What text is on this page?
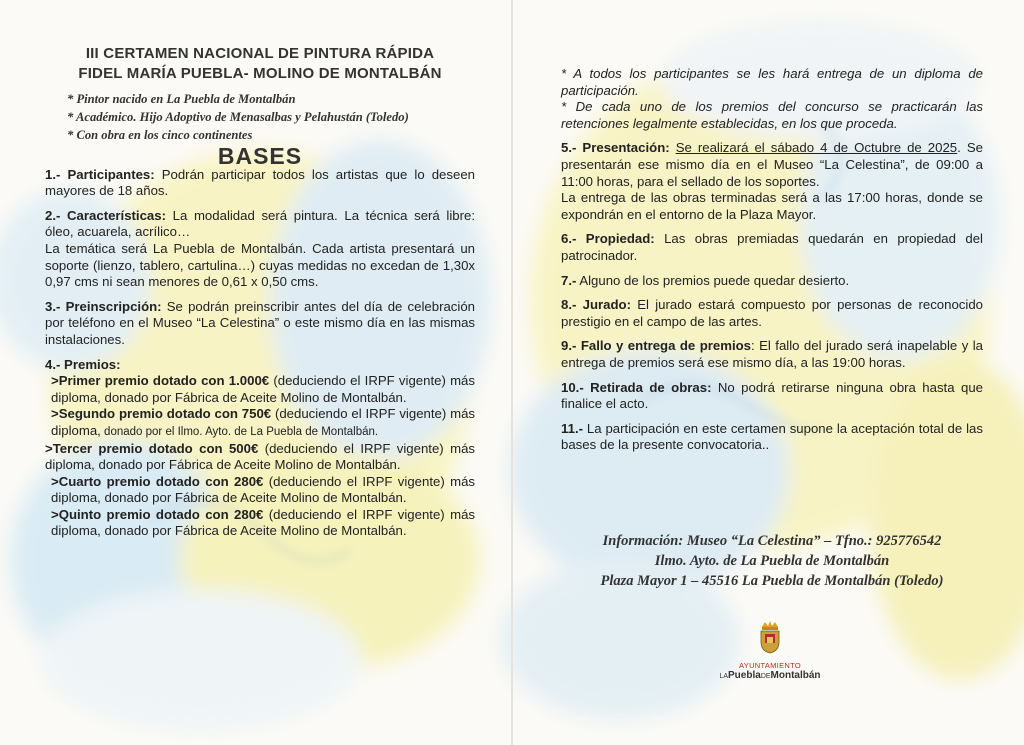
III CERTAMEN NACIONAL DE PINTURA RÁPIDA
FIDEL MARÍA PUEBLA- MOLINO DE MONTALBÁN
* Pintor nacido en La Puebla de Montalbán
* Académico. Hijo Adoptivo de Menasalbas y Pelahustán (Toledo)
* Con obra en los cinco continentes
BASES

1.- Participantes: Podrán participar todos los artistas que lo deseen mayores de 18 años.

2.- Características: La modalidad será pintura. La técnica será libre: óleo, acuarela, acrílico…

La temática será La Puebla de Montalbán. Cada artista presentará un soporte (lienzo, tablero, cartulina…) cuyas medidas no excedan de 1,30x 0,97 cms ni sean menores de 0,61 x 0,50 cms.

3.- Preinscripción: Se podrán preinscribir antes del día de celebración por teléfono en el Museo “La Celestina” o este mismo día en las mismas instalaciones.

4.- Premios:

>Primer premio dotado con 1.000€ (deduciendo el IRPF vigente) más diploma, donado por Fábrica de Aceite Molino de Montalbán.

>Segundo premio dotado con 750€ (deduciendo el IRPF vigente) más diploma, donado por el Ilmo. Ayto. de La Puebla de Montalbán.

>Tercer premio dotado con 500€ (deduciendo el IRPF vigente) más diploma, donado por Fábrica de Aceite Molino de Montalbán.

>Cuarto premio dotado con 280€ (deduciendo el IRPF vigente) más diploma, donado por Fábrica de Aceite Molino de Montalbán.

>Quinto premio dotado con 280€ (deduciendo el IRPF vigente) más diploma, donado por Fábrica de Aceite Molino de Montalbán.

* A todos los participantes se les hará entrega de un diploma de participación.

* De cada uno de los premios del concurso se practicarán las retenciones legalmente establecidas, en los que proceda.

5.- Presentación: Se realizará el sábado 4 de Octubre de 2025. Se presentarán ese mismo día en el Museo “La Celestina”, de 09:00 a 11:00 horas, para el sellado de los soportes.

La entrega de las obras terminadas será a las 17:00 horas, donde se expondrán en el entorno de la Plaza Mayor.

6.- Propiedad: Las obras premiadas quedarán en propiedad del patrocinador.

7.- Alguno de los premios puede quedar desierto.

8.- Jurado: El jurado estará compuesto por personas de reconocido prestigio en el campo de las artes.

9.- Fallo y entrega de premios: El fallo del jurado será inapelable y la entrega de premios será ese mismo día, a las 19:00 horas.

10.- Retirada de obras: No podrá retirarse ninguna obra hasta que finalice el acto.

11.- La participación en este certamen supone la aceptación total de las bases de la presente convocatoria..

Información: Museo “La Celestina” – Tfno.: 925776542
Ilmo. Ayto. de La Puebla de Montalbán
Plaza Mayor 1 – 45516 La Puebla de Montalbán (Toledo)
AYUNTAMIENTO
LAPueblaDEMontalbán
